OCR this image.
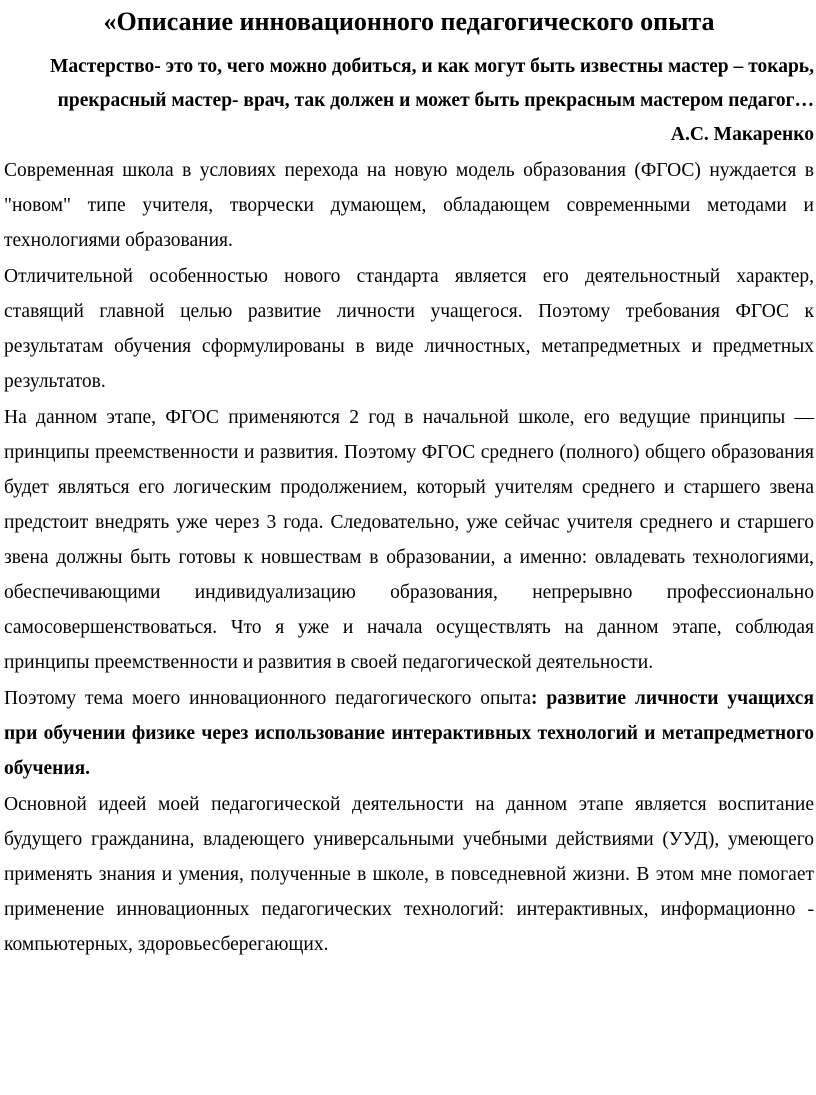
«Описание инновационного педагогического опыта

Мастерство- это то, чего можно добиться, и как могут быть известны мастер – токарь, прекрасный мастер- врач, так должен и может быть прекрасным мастером педагог…

А.С. Макаренко

Современная школа в условиях перехода на новую модель образования (ФГОС) нуждается в "новом" типе учителя, творчески думающем, обладающем современными методами и технологиями образования.

Отличительной особенностью нового стандарта является его деятельностный характер, ставящий главной целью развитие личности учащегося. Поэтому требования ФГОС к результатам обучения сформулированы в виде личностных, метапредметных и предметных результатов.

На данном этапе, ФГОС применяются 2 год в начальной школе, его ведущие принципы — принципы преемственности и развития. Поэтому ФГОС среднего (полного) общего образования будет являться его логическим продолжением, который учителям среднего и старшего звена предстоит внедрять уже через 3 года. Следовательно, уже сейчас учителя среднего и старшего звена должны быть готовы к новшествам в образовании, а именно: овладевать технологиями, обеспечивающими индивидуализацию образования, непрерывно профессионально самосовершенствоваться. Что я уже и начала осуществлять на данном этапе, соблюдая принципы преемственности и развития в своей педагогической деятельности.

Поэтому тема моего инновационного педагогического опыта: развитие личности учащихся при обучении физике через использование интерактивных технологий и метапредметного обучения.

Основной идеей моей педагогической деятельности на данном этапе является воспитание будущего гражданина, владеющего универсальными учебными действиями (УУД), умеющего применять знания и умения, полученные в школе, в повседневной жизни. В этом мне помогает применение инновационных педагогических технологий: интерактивных, информационно - компьютерных, здоровьесберегающих.
